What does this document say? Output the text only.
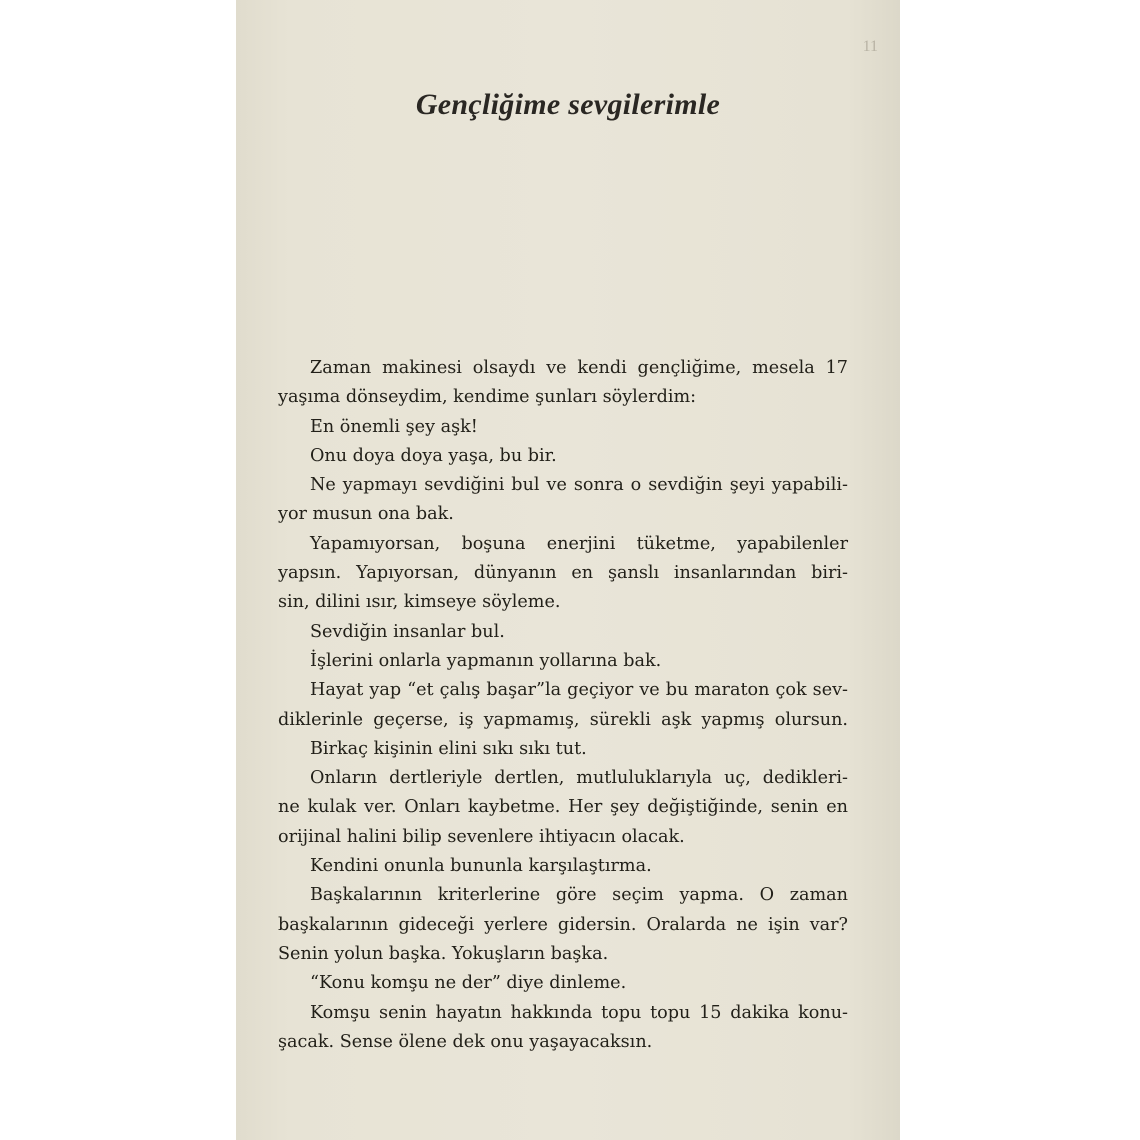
11

Gençliğime sevgilerimle
Zaman makinesi olsaydı ve kendi gençliğime, mesela 17
yaşıma dönseydim, kendime şunları söylerdim:
En önemli şey aşk!
Onu doya doya yaşa, bu bir.
Ne yapmayı sevdiğini bul ve sonra o sevdiğin şeyi yapabili-
yor musun ona bak.
Yapamıyorsan, boşuna enerjini tüketme, yapabilenler
yapsın. Yapıyorsan, dünyanın en şanslı insanlarından biri-
sin, dilini ısır, kimseye söyleme.
Sevdiğin insanlar bul.
İşlerini onlarla yapmanın yollarına bak.
Hayat yap “et çalış başar”la geçiyor ve bu maraton çok sev-
diklerinle geçerse, iş yapmamış, sürekli aşk yapmış olursun.
Birkaç kişinin elini sıkı sıkı tut.
Onların dertleriyle dertlen, mutluluklarıyla uç, dedikleri-
ne kulak ver. Onları kaybetme. Her şey değiştiğinde, senin en
orijinal halini bilip sevenlere ihtiyacın olacak.
Kendini onunla bununla karşılaştırma.
Başkalarının kriterlerine göre seçim yapma. O zaman
başkalarının gideceği yerlere gidersin. Oralarda ne işin var?
Senin yolun başka. Yokuşların başka.
“Konu komşu ne der” diye dinleme.
Komşu senin hayatın hakkında topu topu 15 dakika konu-
şacak. Sense ölene dek onu yaşayacaksın.
